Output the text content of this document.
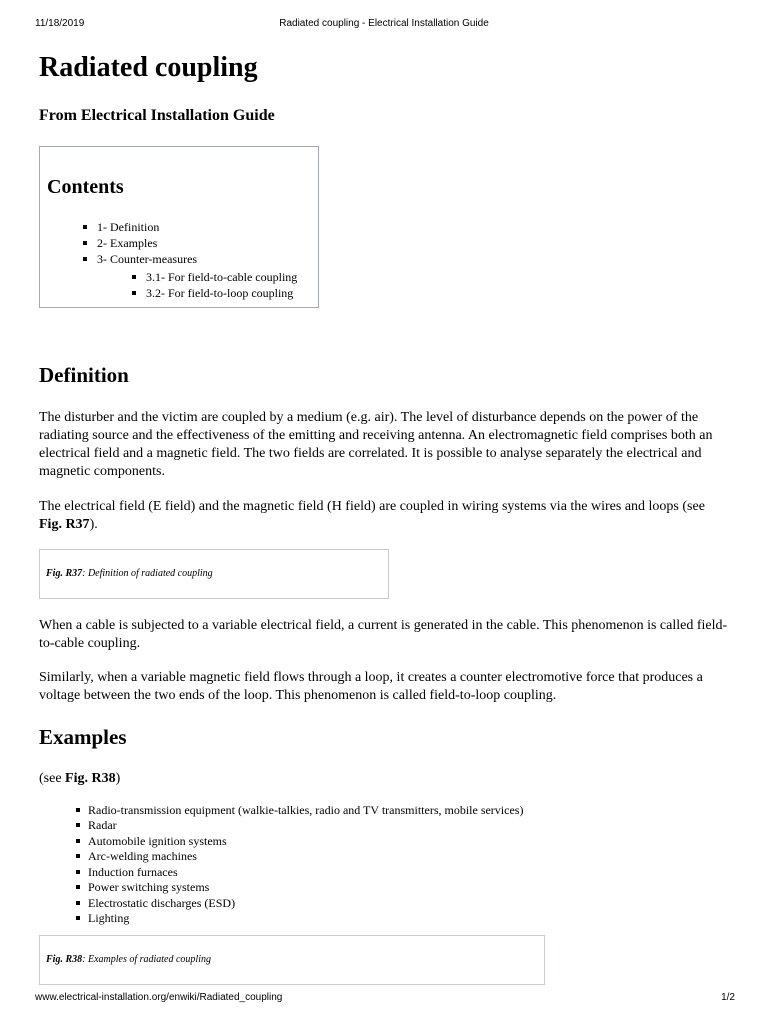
11/18/2019	Radiated coupling - Electrical Installation Guide
Radiated coupling
From Electrical Installation Guide
Contents
1- Definition
2- Examples
3- Counter-measures
3.1- For field-to-cable coupling
3.2- For field-to-loop coupling
Definition

The disturber and the victim are coupled by a medium (e.g. air). The level of disturbance depends on the power of the radiating source and the effectiveness of the emitting and receiving antenna. An electromagnetic field comprises both an electrical field and a magnetic field. The two fields are correlated. It is possible to analyse separately the electrical and magnetic components.

The electrical field (E field) and the magnetic field (H field) are coupled in wiring systems via the wires and loops (see Fig. R37).

Fig. R37: Definition of radiated coupling

When a cable is subjected to a variable electrical field, a current is generated in the cable. This phenomenon is called field-to-cable coupling.

Similarly, when a variable magnetic field flows through a loop, it creates a counter electromotive force that produces a voltage between the two ends of the loop. This phenomenon is called field-to-loop coupling.

Examples

(see Fig. R38)

Radio-transmission equipment (walkie-talkies, radio and TV transmitters, mobile services)
Radar
Automobile ignition systems
Arc-welding machines
Induction furnaces
Power switching systems
Electrostatic discharges (ESD)
Lighting
Fig. R38: Examples of radiated coupling
www.electrical-installation.org/enwiki/Radiated_coupling	1/2
